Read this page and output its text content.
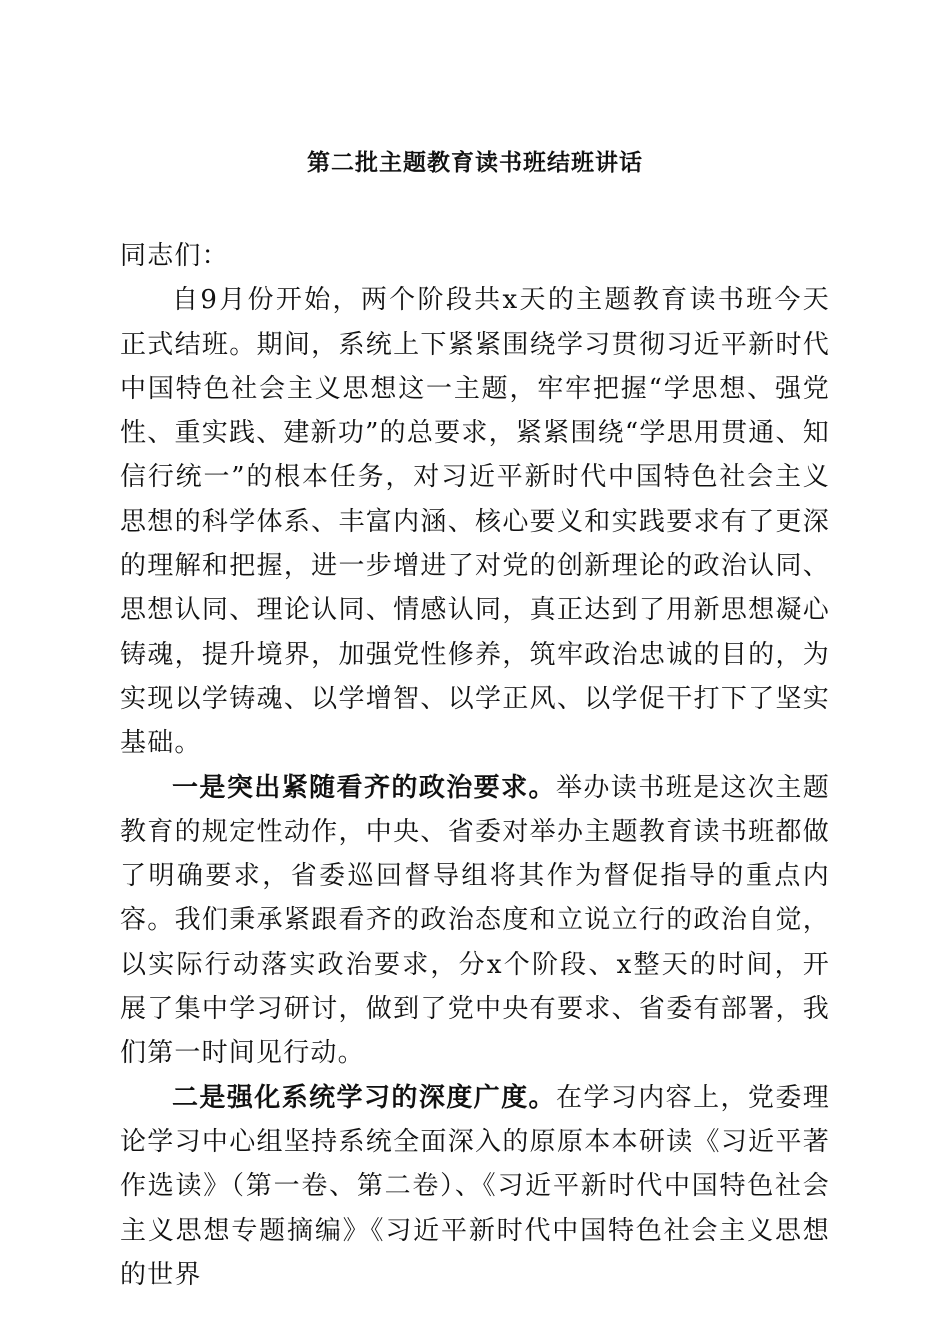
第二批主题教育读书班结班讲话

同志们：

自9月份开始，两个阶段共x天的主题教育读书班今天正式结班。期间，系统上下紧紧围绕学习贯彻习近平新时代中国特色社会主义思想这一主题，牢牢把握“学思想、强党性、重实践、建新功”的总要求，紧紧围绕“学思用贯通、知信行统一”的根本任务，对习近平新时代中国特色社会主义思想的科学体系、丰富内涵、核心要义和实践要求有了更深的理解和把握，进一步增进了对党的创新理论的政治认同、思想认同、理论认同、情感认同，真正达到了用新思想凝心铸魂，提升境界，加强党性修养，筑牢政治忠诚的目的，为实现以学铸魂、以学增智、以学正风、以学促干打下了坚实基础。

一是突出紧随看齐的政治要求。举办读书班是这次主题教育的规定性动作，中央、省委对举办主题教育读书班都做了明确要求，省委巡回督导组将其作为督促指导的重点内容。我们秉承紧跟看齐的政治态度和立说立行的政治自觉，以实际行动落实政治要求，分x个阶段、x整天的时间，开展了集中学习研讨，做到了党中央有要求、省委有部署，我们第一时间见行动。

二是强化系统学习的深度广度。在学习内容上，党委理论学习中心组坚持系统全面深入的原原本本研读《习近平著作选读》（第一卷、第二卷）、《习近平新时代中国特色社会主义思想专题摘编》《习近平新时代中国特色社会主义思想的世界
